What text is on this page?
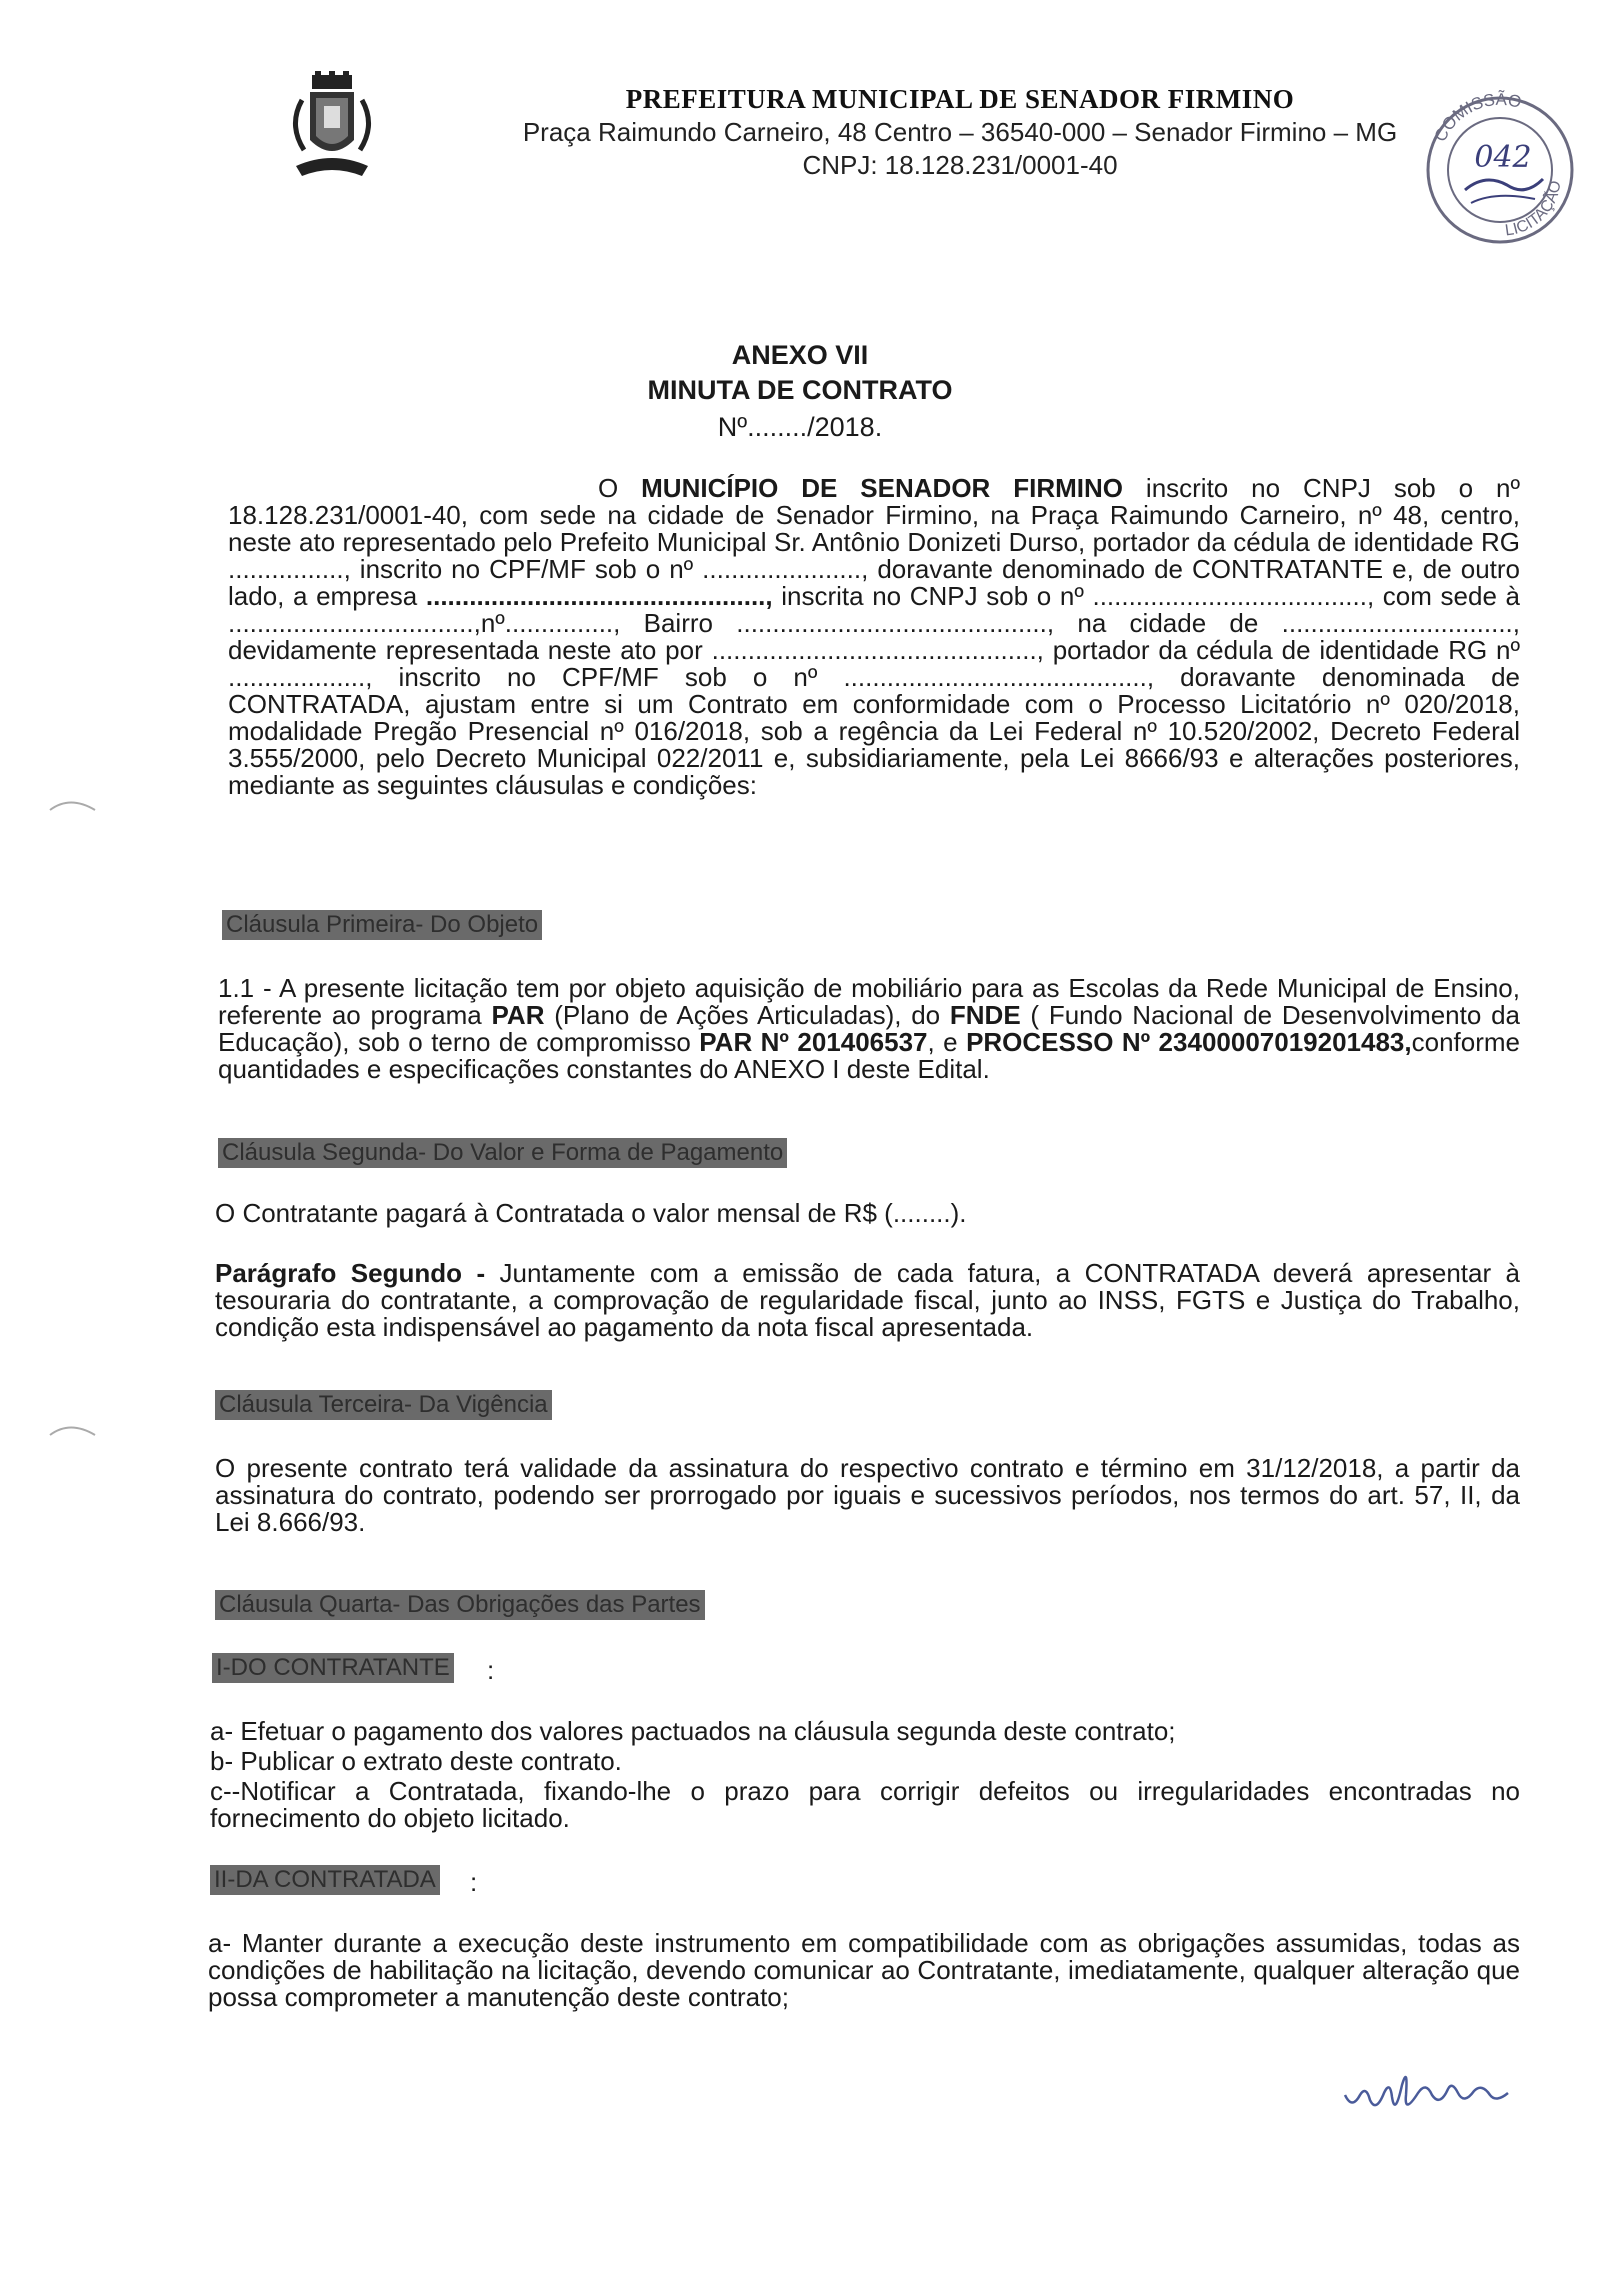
PREFEITURA MUNICIPAL DE SENADOR FIRMINO
Praça Raimundo Carneiro, 48 Centro – 36540-000 – Senador Firmino – MG
CNPJ: 18.128.231/0001-40
COMISSÃO
LICITAÇÃO
042
ANEXO VII
MINUTA DE CONTRATO
Nº......../2018.
O MUNICÍPIO DE SENADOR FIRMINO inscrito no CNPJ sob o nº 18.128.231/0001-40, com sede na cidade de Senador Firmino, na Praça Raimundo Carneiro, nº 48, centro, neste ato representado pelo Prefeito Municipal Sr. Antônio Donizeti Durso, portador da cédula de identidade RG ................, inscrito no CPF/MF sob o nº ......................, doravante denominado de CONTRATANTE e, de outro lado, a empresa ..............................................., inscrita no CNPJ sob o nº ......................................, com sede à ..................................,nº..............., Bairro ..........................................., na cidade de ................................, devidamente representada neste ato por ............................................., portador da cédula de identidade RG nº ..................., inscrito no CPF/MF sob o nº .........................................., doravante denominada de CONTRATADA, ajustam entre si um Contrato em conformidade com o Processo Licitatório nº 020/2018, modalidade Pregão Presencial nº 016/2018, sob a regência da Lei Federal nº 10.520/2002, Decreto Federal 3.555/2000, pelo Decreto Municipal 022/2011 e, subsidiariamente, pela Lei 8666/93 e alterações posteriores, mediante as seguintes cláusulas e condições:
Cláusula Primeira- Do Objeto
1.1 - A presente licitação tem por objeto aquisição de mobiliário para as Escolas da Rede Municipal de Ensino, referente ao programa PAR (Plano de Ações Articuladas), do FNDE ( Fundo Nacional de Desenvolvimento da Educação), sob o terno de compromisso PAR Nº 201406537, e PROCESSO Nº 23400007019201483,conforme quantidades e especificações constantes do ANEXO I deste Edital.
Cláusula Segunda- Do Valor e Forma de Pagamento
O Contratante pagará à Contratada o valor mensal de R$ (........).
Parágrafo Segundo - Juntamente com a emissão de cada fatura, a CONTRATADA deverá apresentar à tesouraria do contratante, a comprovação de regularidade fiscal, junto ao INSS, FGTS e Justiça do Trabalho, condição esta indispensável ao pagamento da nota fiscal apresentada.
Cláusula Terceira- Da Vigência
O presente contrato terá validade da assinatura do respectivo contrato e término em 31/12/2018, a partir da assinatura do contrato, podendo ser prorrogado por iguais e sucessivos períodos, nos termos do art. 57, II, da Lei 8.666/93.
Cláusula Quarta- Das Obrigações das Partes
I-DO CONTRATANTE :
a- Efetuar o pagamento dos valores pactuados na cláusula segunda deste contrato;
b- Publicar o extrato deste contrato.
c--Notificar a Contratada, fixando-lhe o prazo para corrigir defeitos ou irregularidades encontradas no fornecimento do objeto licitado.
II-DA CONTRATADA :
a- Manter durante a execução deste instrumento em compatibilidade com as obrigações assumidas, todas as condições de habilitação na licitação, devendo comunicar ao Contratante, imediatamente, qualquer alteração que possa comprometer a manutenção deste contrato;
